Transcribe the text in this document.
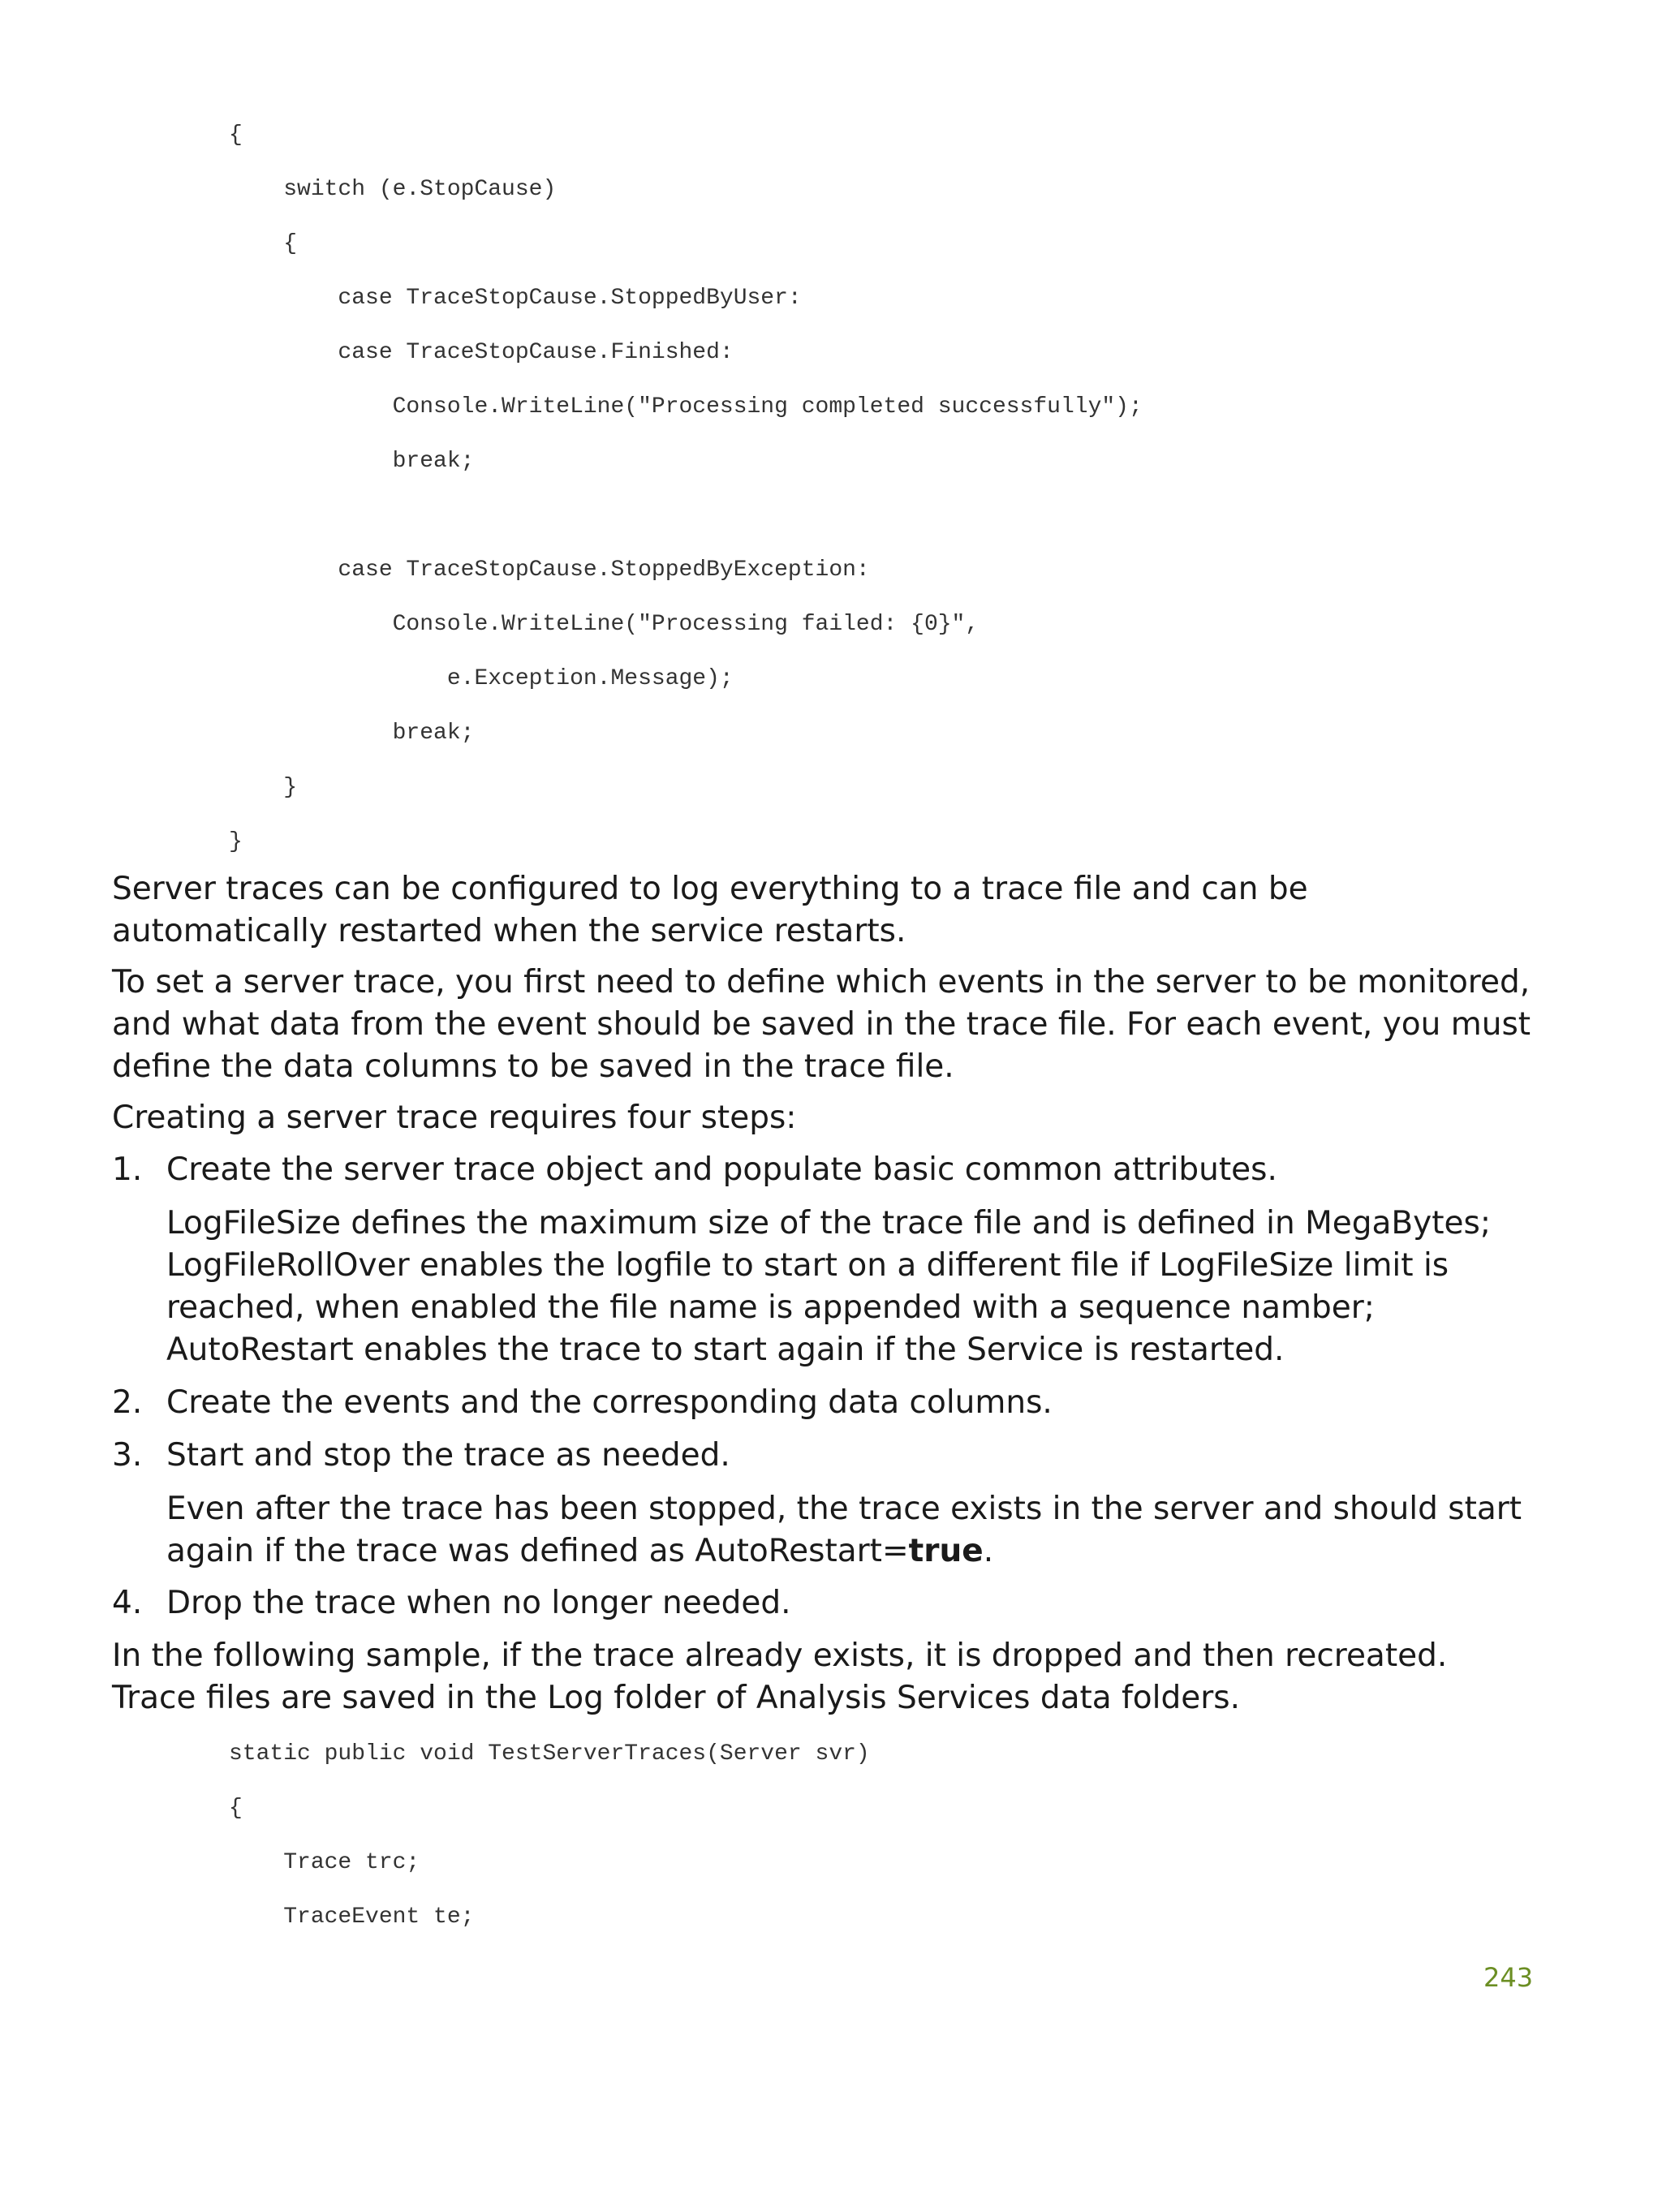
{
switch (e.StopCause)
{
case TraceStopCause.StoppedByUser:
case TraceStopCause.Finished:
Console.WriteLine("Processing completed successfully");
break;
case TraceStopCause.StoppedByException:
Console.WriteLine("Processing failed: {0}",
e.Exception.Message);
break;
}
}

Server traces can be configured to log everything to a trace file and can be automatically restarted when the service restarts.

To set a server trace, you first need to define which events in the server to be monitored, and what data from the event should be saved in the trace file. For each event, you must define the data columns to be saved in the trace file.

Creating a server trace requires four steps:

1. Create the server trace object and populate basic common attributes.
LogFileSize defines the maximum size of the trace file and is defined in MegaBytes; LogFileRollOver enables the logfile to start on a different file if LogFileSize limit is reached, when enabled the file name is appended with a sequence namber; AutoRestart enables the trace to start again if the Service is restarted.
2. Create the events and the corresponding data columns.
3. Start and stop the trace as needed.
Even after the trace has been stopped, the trace exists in the server and should start again if the trace was defined as AutoRestart=true.
4. Drop the trace when no longer needed.

In the following sample, if the trace already exists, it is dropped and then recreated. Trace files are saved in the Log folder of Analysis Services data folders.

static public void TestServerTraces(Server svr)
{
Trace trc;
TraceEvent te;
243
